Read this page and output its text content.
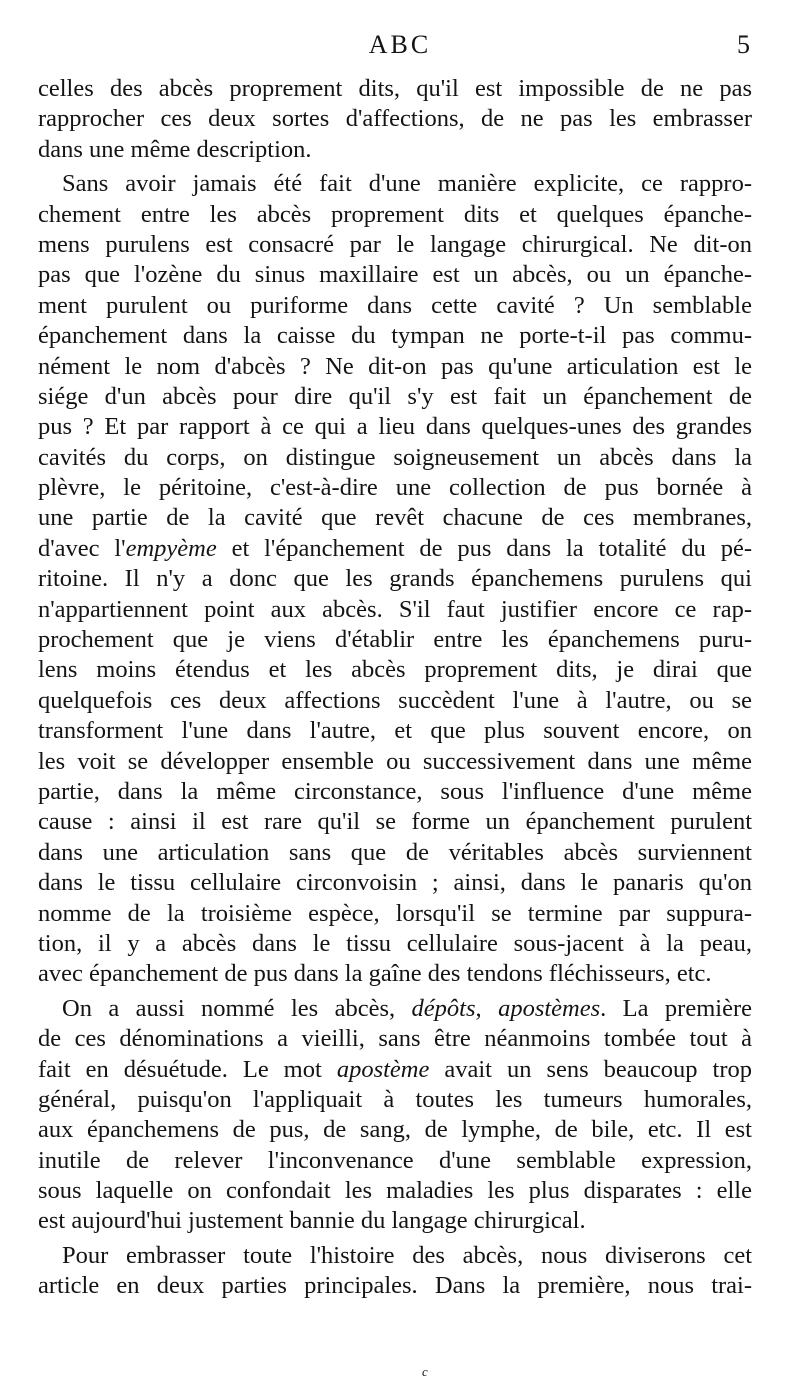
ABC	5
celles des abcès proprement dits, qu'il est impossible de ne pas
rapprocher ces deux sortes d'affections, de ne pas les embrasser
dans une même description.
Sans avoir jamais été fait d'une manière explicite, ce rappro-
chement entre les abcès proprement dits et quelques épanche-
mens purulens est consacré par le langage chirurgical. Ne dit-on
pas que l'ozène du sinus maxillaire est un abcès, ou un épanche-
ment purulent ou puriforme dans cette cavité ? Un semblable
épanchement dans la caisse du tympan ne porte-t-il pas commu-
nément le nom d'abcès ? Ne dit-on pas qu'une articulation est le
siége d'un abcès pour dire qu'il s'y est fait un épanchement de
pus ? Et par rapport à ce qui a lieu dans quelques-unes des grandes
cavités du corps, on distingue soigneusement un abcès dans la
plèvre, le péritoine, c'est-à-dire une collection de pus bornée à
une partie de la cavité que revêt chacune de ces membranes,
d'avec l'empyème et l'épanchement de pus dans la totalité du pé-
ritoine. Il n'y a donc que les grands épanchemens purulens qui
n'appartiennent point aux abcès. S'il faut justifier encore ce rap-
prochement que je viens d'établir entre les épanchemens puru-
lens moins étendus et les abcès proprement dits, je dirai que
quelquefois ces deux affections succèdent l'une à l'autre, ou se
transforment l'une dans l'autre, et que plus souvent encore, on
les voit se développer ensemble ou successivement dans une même
partie, dans la même circonstance, sous l'influence d'une même
cause : ainsi il est rare qu'il se forme un épanchement purulent
dans une articulation sans que de véritables abcès surviennent
dans le tissu cellulaire circonvoisin ; ainsi, dans le panaris qu'on
nomme de la troisième espèce, lorsqu'il se termine par suppura-
tion, il y a abcès dans le tissu cellulaire sous-jacent à la peau,
avec épanchement de pus dans la gaîne des tendons fléchisseurs, etc.
On a aussi nommé les abcès, dépôts, apostèmes. La première
de ces dénominations a vieilli, sans être néanmoins tombée tout à
fait en désuétude. Le mot apostème avait un sens beaucoup trop
général, puisqu'on l'appliquait à toutes les tumeurs humorales,
aux épanchemens de pus, de sang, de lymphe, de bile, etc. Il est
inutile de relever l'inconvenance d'une semblable expression,
sous laquelle on confondait les maladies les plus disparates : elle
est aujourd'hui justement bannie du langage chirurgical.
Pour embrasser toute l'histoire des abcès, nous diviserons cet
article en deux parties principales. Dans la première, nous trai-
c
